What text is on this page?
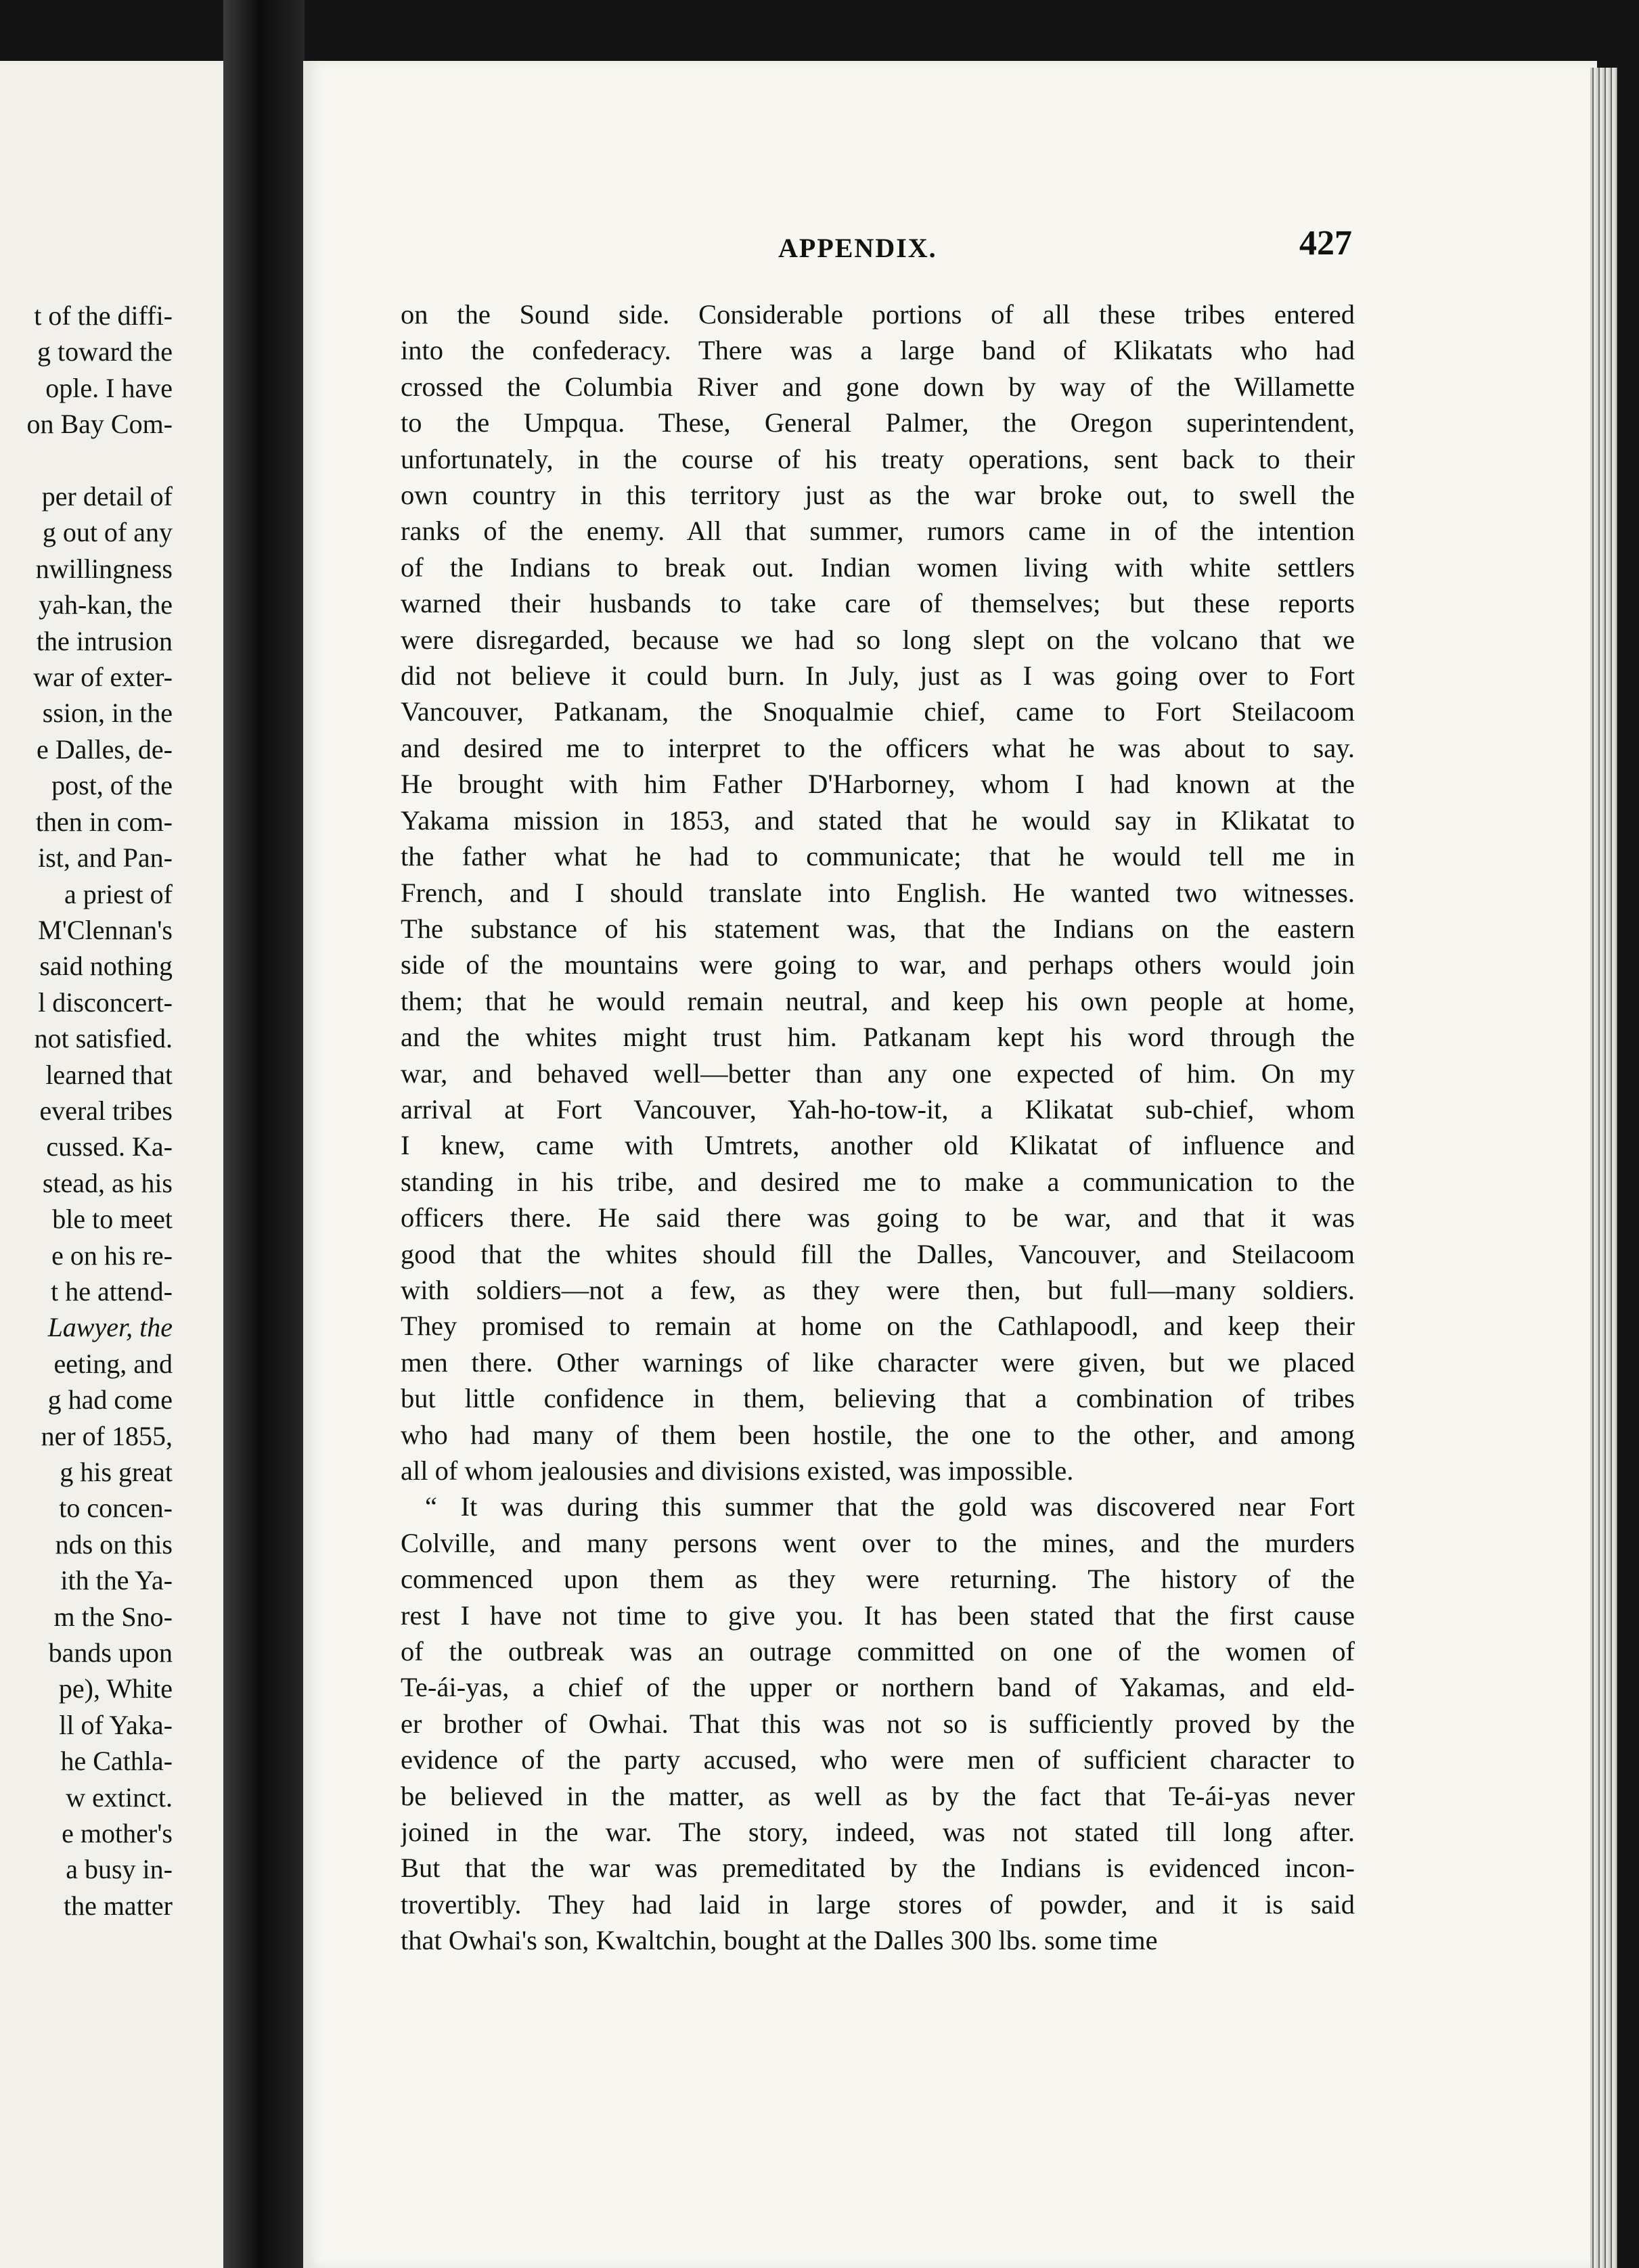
t of the diffi-
g toward the
ople. I have
on Bay Com-

per detail of
g out of any
nwillingness
yah-kan, the
the intrusion
war of exter-
ssion, in the
e Dalles, de-
post, of the
then in com-
ist, and Pan-
a priest of
M'Clennan's
said nothing
l disconcert-
not satisfied.
learned that
everal tribes
cussed. Ka-
stead, as his
ble to meet
e on his re-
t he attend-
Lawyer, the
eeting, and
g had come
ner of 1855,
g his great
to concen-
nds on this
ith the Ya-
m the Sno-
bands upon
pe), White
ll of Yaka-
he Cathla-
w extinct.
e mother's
a busy in-
the matter
APPENDIX.	427
on the Sound side. Considerable portions of all these tribes entered
into the confederacy. There was a large band of Klikatats who had
crossed the Columbia River and gone down by way of the Willamette
to the Umpqua. These, General Palmer, the Oregon superintendent,
unfortunately, in the course of his treaty operations, sent back to their
own country in this territory just as the war broke out, to swell the
ranks of the enemy. All that summer, rumors came in of the intention
of the Indians to break out. Indian women living with white settlers
warned their husbands to take care of themselves; but these reports
were disregarded, because we had so long slept on the volcano that we
did not believe it could burn. In July, just as I was going over to Fort
Vancouver, Patkanam, the Snoqualmie chief, came to Fort Steilacoom
and desired me to interpret to the officers what he was about to say.
He brought with him Father D'Harborney, whom I had known at the
Yakama mission in 1853, and stated that he would say in Klikatat to
the father what he had to communicate; that he would tell me in
French, and I should translate into English. He wanted two witnesses.
The substance of his statement was, that the Indians on the eastern
side of the mountains were going to war, and perhaps others would join
them; that he would remain neutral, and keep his own people at home,
and the whites might trust him. Patkanam kept his word through the
war, and behaved well—better than any one expected of him. On my
arrival at Fort Vancouver, Yah-ho-tow-it, a Klikatat sub-chief, whom
I knew, came with Umtrets, another old Klikatat of influence and
standing in his tribe, and desired me to make a communication to the
officers there. He said there was going to be war, and that it was
good that the whites should fill the Dalles, Vancouver, and Steilacoom
with soldiers—not a few, as they were then, but full—many soldiers.
They promised to remain at home on the Cathlapoodl, and keep their
men there. Other warnings of like character were given, but we placed
but little confidence in them, believing that a combination of tribes
who had many of them been hostile, the one to the other, and among
all of whom jealousies and divisions existed, was impossible.
“ It was during this summer that the gold was discovered near Fort
Colville, and many persons went over to the mines, and the murders
commenced upon them as they were returning. The history of the
rest I have not time to give you. It has been stated that the first cause
of the outbreak was an outrage committed on one of the women of
Te-ái-yas, a chief of the upper or northern band of Yakamas, and eld-
er brother of Owhai. That this was not so is sufficiently proved by the
evidence of the party accused, who were men of sufficient character to
be believed in the matter, as well as by the fact that Te-ái-yas never
joined in the war. The story, indeed, was not stated till long after.
But that the war was premeditated by the Indians is evidenced incon-
trovertibly. They had laid in large stores of powder, and it is said
that Owhai's son, Kwaltchin, bought at the Dalles 300 lbs. some time
